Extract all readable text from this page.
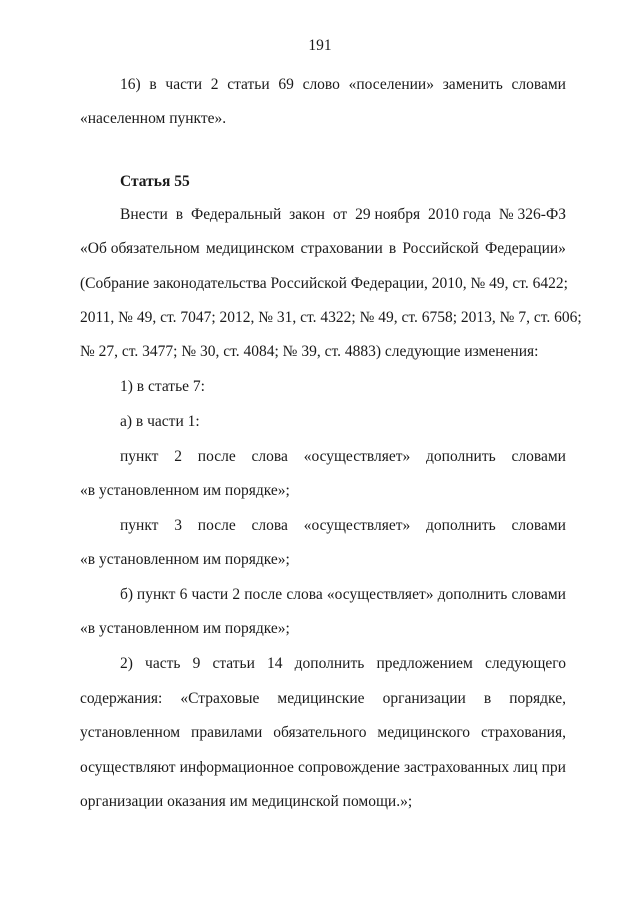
191
16) в части 2 статьи 69 слово «поселении» заменить словами
«населенном пункте».
Статья 55
Внести в Федеральный закон от 29 ноября 2010 года № 326-ФЗ
«Об обязательном медицинском страховании в Российской Федерации»
(Собрание законодательства Российской Федерации, 2010, № 49, ст. 6422;
2011, № 49, ст. 7047; 2012, № 31, ст. 4322; № 49, ст. 6758; 2013, № 7, ст. 606;
№ 27, ст. 3477; № 30, ст. 4084; № 39, ст. 4883) следующие изменения:
1) в статье 7:
а) в части 1:
пункт 2 после слова «осуществляет» дополнить словами
«в установленном им порядке»;
пункт 3 после слова «осуществляет» дополнить словами
«в установленном им порядке»;
б) пункт 6 части 2 после слова «осуществляет» дополнить словами
«в установленном им порядке»;
2) часть 9 статьи 14 дополнить предложением следующего
содержания: «Страховые медицинские организации в порядке,
установленном правилами обязательного медицинского страхования,
осуществляют информационное сопровождение застрахованных лиц при
организации оказания им медицинской помощи.»;
